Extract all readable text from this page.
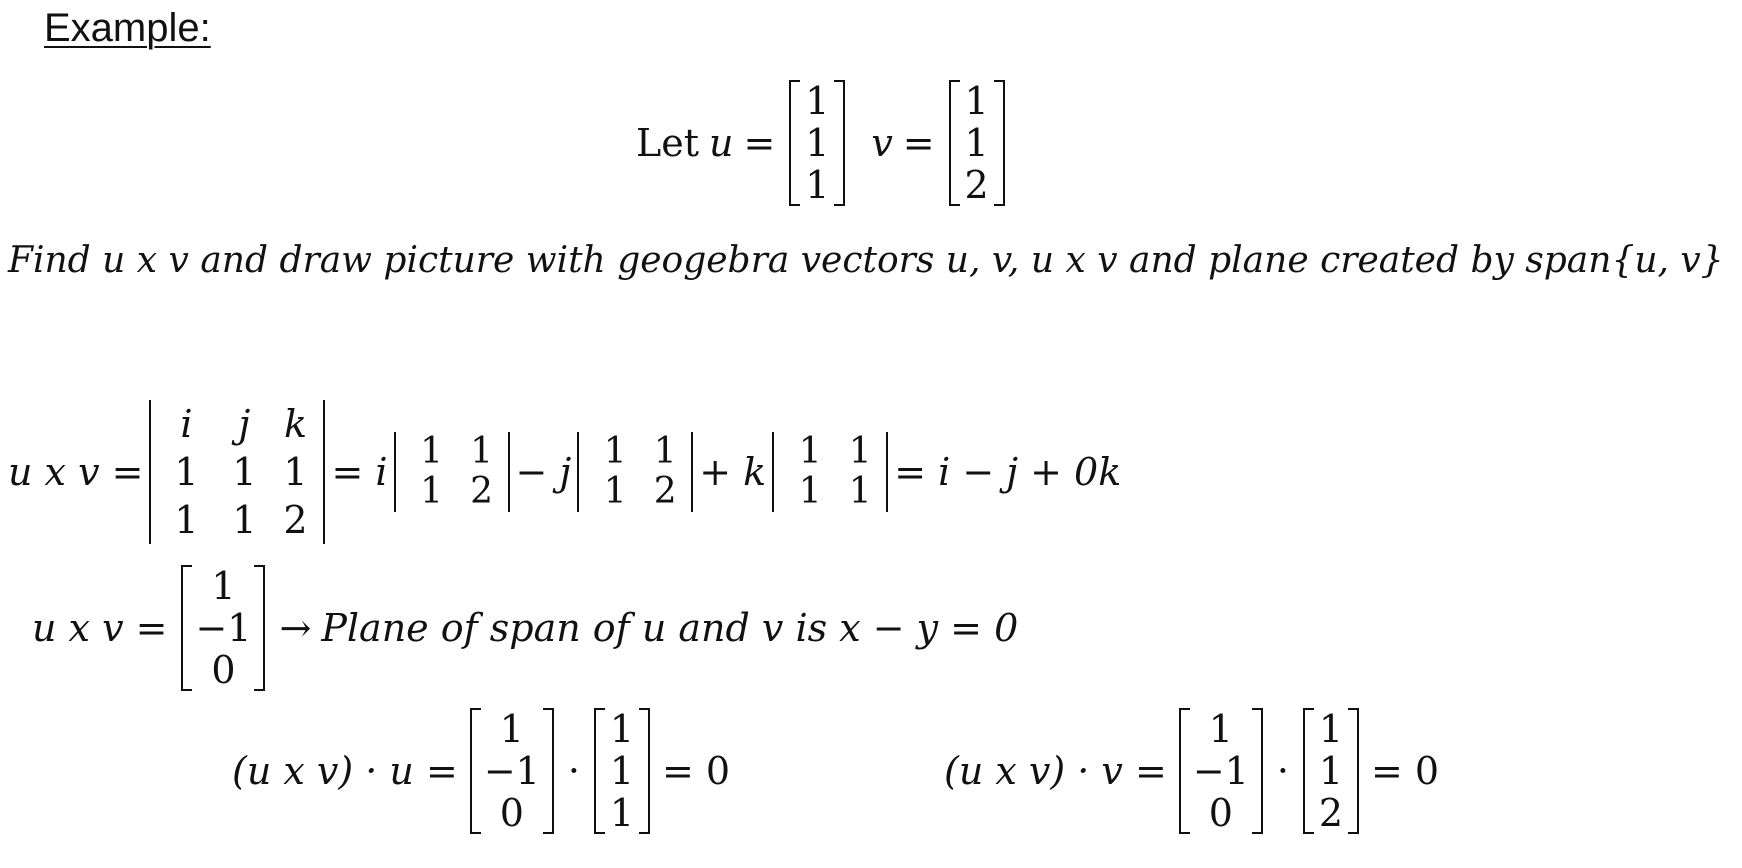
Example:
Let u =
1
1
1
v =
1
1
2
Find u x v and draw picture with geogebra vectors u, v, u x v and plane created by span{u, v}
u x v =
i	j k
1 1 1
1 1 2
= i 1 1
1 2 − j 1 1
1 2 + k 1 1
1 1 = i − j + 0k
u x v =
1
−1
0
→ Plane of span of u and v is x − y = 0
(u x v) · u =
1
−1
0
·
1
1
1
= 0	(u x v) · v =
1
−1
0
·
1
1
2
= 0
